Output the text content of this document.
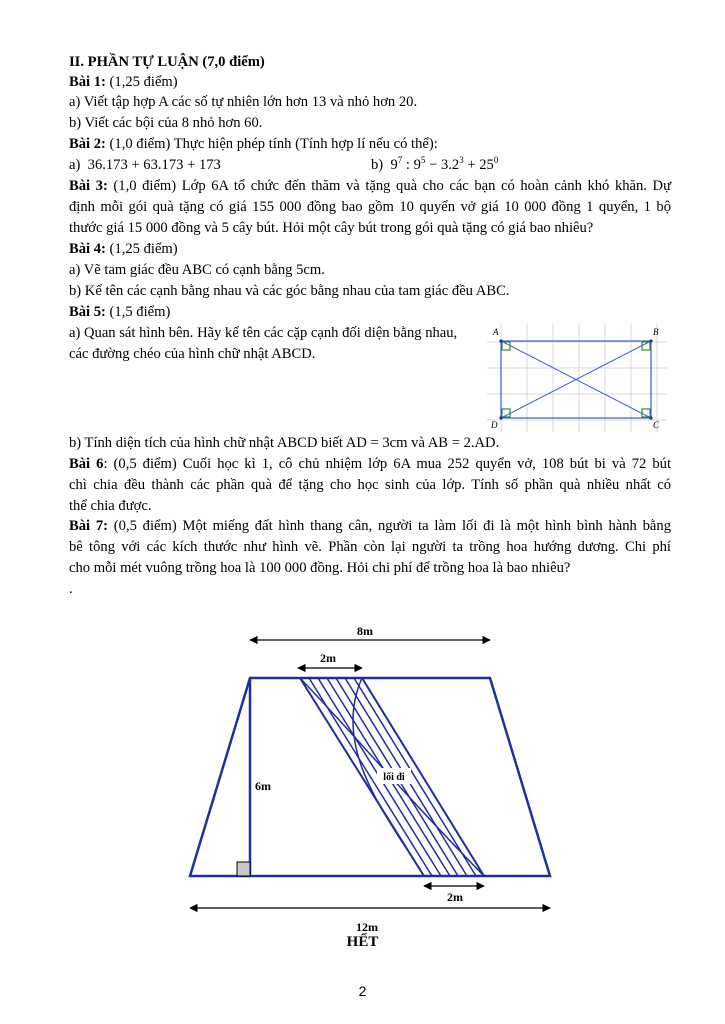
II. PHẦN TỰ LUẬN (7,0 điểm)
Bài 1: (1,25 điểm)
a) Viết tập hợp A các số tự nhiên lớn hơn 13 và nhỏ hơn 20.
b) Viết các bội của 8 nhỏ hơn 60.
Bài 2: (1,0 điểm) Thực hiện phép tính (Tính hợp lí nếu có thể):
a) 36.173 + 63.173 + 173	b) $9^7$ : $9^5 - 3.2^3 + 25^0$
Bài 3: (1,0 điểm) Lớp 6A tổ chức đến thăm và tặng quà cho các bạn có hoàn cảnh khó khăn. Dự
định mỗi gói quà tặng có giá 155 000 đồng bao gồm 10 quyển vở giá 10 000 đồng 1 quyển, 1 bộ
thước giá 15 000 đồng và 5 cây bút. Hỏi một cây bút trong gói quà tặng có giá bao nhiêu?
Bài 4: (1,25 điểm)
a) Vẽ tam giác đều ABC có cạnh bằng 5cm.
b) Kể tên các cạnh bằng nhau và các góc bằng nhau của tam giác đều ABC.
Bài 5: (1,5 điểm)
a) Quan sát hình bên. Hãy kể tên các cặp cạnh đối diện bằng nhau,
các đường chéo của hình chữ nhật ABCD.
A	B
C
D
b) Tính diện tích của hình chữ nhật ABCD biết AD = 3cm và AB = 2.AD.
Bài 6: (0,5 điểm) Cuối học kì 1, cô chủ nhiệm lớp 6A mua 252 quyển vở, 108 bút bi và 72 bút
chì chia đều thành các phần quà để tặng cho học sinh của lớp. Tính số phần quà nhiều nhất có
thể chia được.
Bài 7: (0,5 điểm) Một miếng đất hình thang cân, người ta làm lối đi là một hình bình hành bằng
bê tông với các kích thước như hình vẽ. Phần còn lại người ta trồng hoa hướng dương. Chi phí
cho mỗi mét vuông trồng hoa là 100 000 đồng. Hỏi chi phí để trồng hoa là bao nhiêu?
.
8m
2m
6m
lối đi
2m
12m
HẾT
2
